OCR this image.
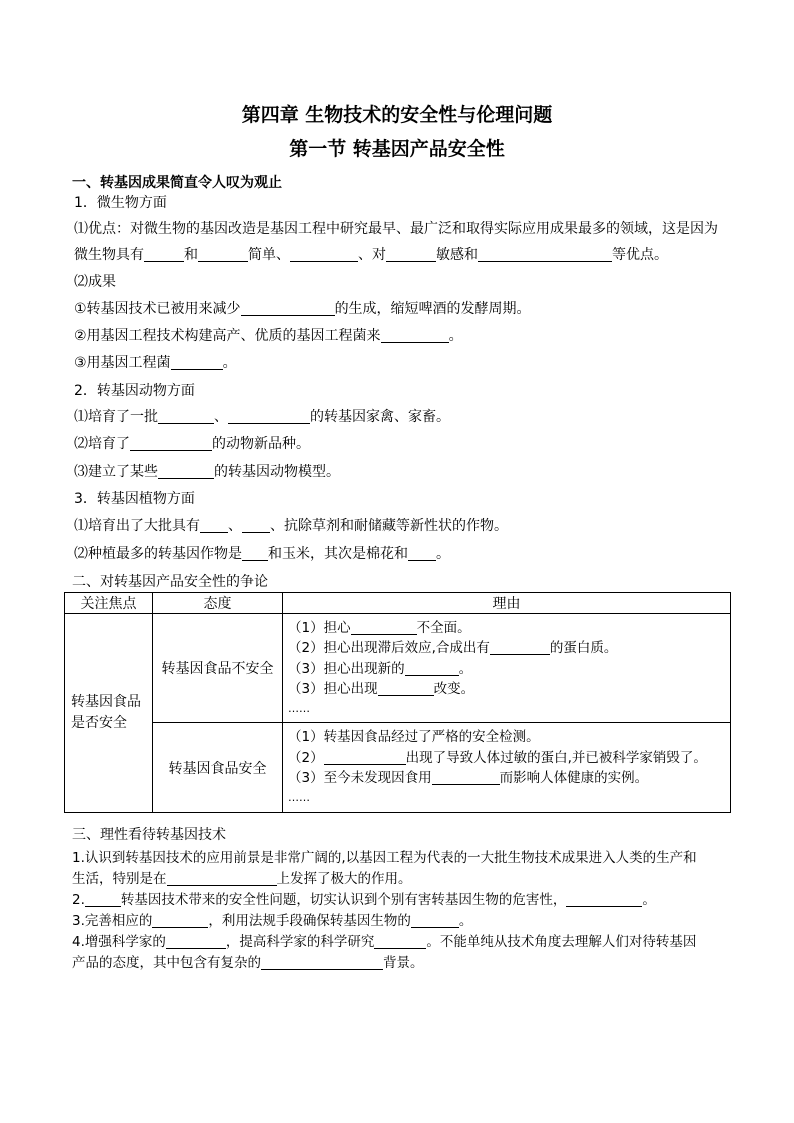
第四章 生物技术的安全性与伦理问题
第一节 转基因产品安全性
一、转基因成果简直令人叹为观止
1．微生物方面
⑴优点：对微生物的基因改造是基因工程中研究最早、最广泛和取得实际应用成果最多的领域，这是因为
微生物具有	和	简单、	、对	敏感和	等优点。
⑵成果
①转基因技术已被用来减少	的生成，缩短啤酒的发酵周期。
②用基因工程技术构建高产、优质的基因工程菌来	。
③用基因工程菌	。
2．转基因动物方面
⑴培育了一批	、	的转基因家禽、家畜。
⑵培育了	的动物新品种。
⑶建立了某些	的转基因动物模型。
3．转基因植物方面
⑴培育出了大批具有 、 、抗除草剂和耐储藏等新性状的作物。
⑵种植最多的转基因作物是 和玉米，其次是棉花和 。
二、对转基因产品安全性的争论
关注焦点	态度	理由
转基因食品是否安全	转基因食品不安全	（1）担心 不全面。
（2）担心出现滞后效应,合成出有 的蛋白质。
（3）担心出现新的 。
（3）担心出现 改变。
……

	转基因食品安全	（1）转基因食品经过了严格的安全检测。
（2） 出现了导致人体过敏的蛋白,并已被科学家销毁了。
（3）至今未发现因食用 而影响人体健康的实例。
……
三、理性看待转基因技术
1.认识到转基因技术的应用前景是非常广阔的,以基因工程为代表的一大批生物技术成果进入人类的生产和
生活，特别是在	上发挥了极大的作用。
2.	转基因技术带来的安全性问题，切实认识到个别有害转基因生物的危害性，	。
3.完善相应的	，利用法规手段确保转基因生物的	。
4.增强科学家的	，提高科学家的科学研究	。不能单纯从技术角度去理解人们对待转基因
产品的态度，其中包含有复杂的	背景。
